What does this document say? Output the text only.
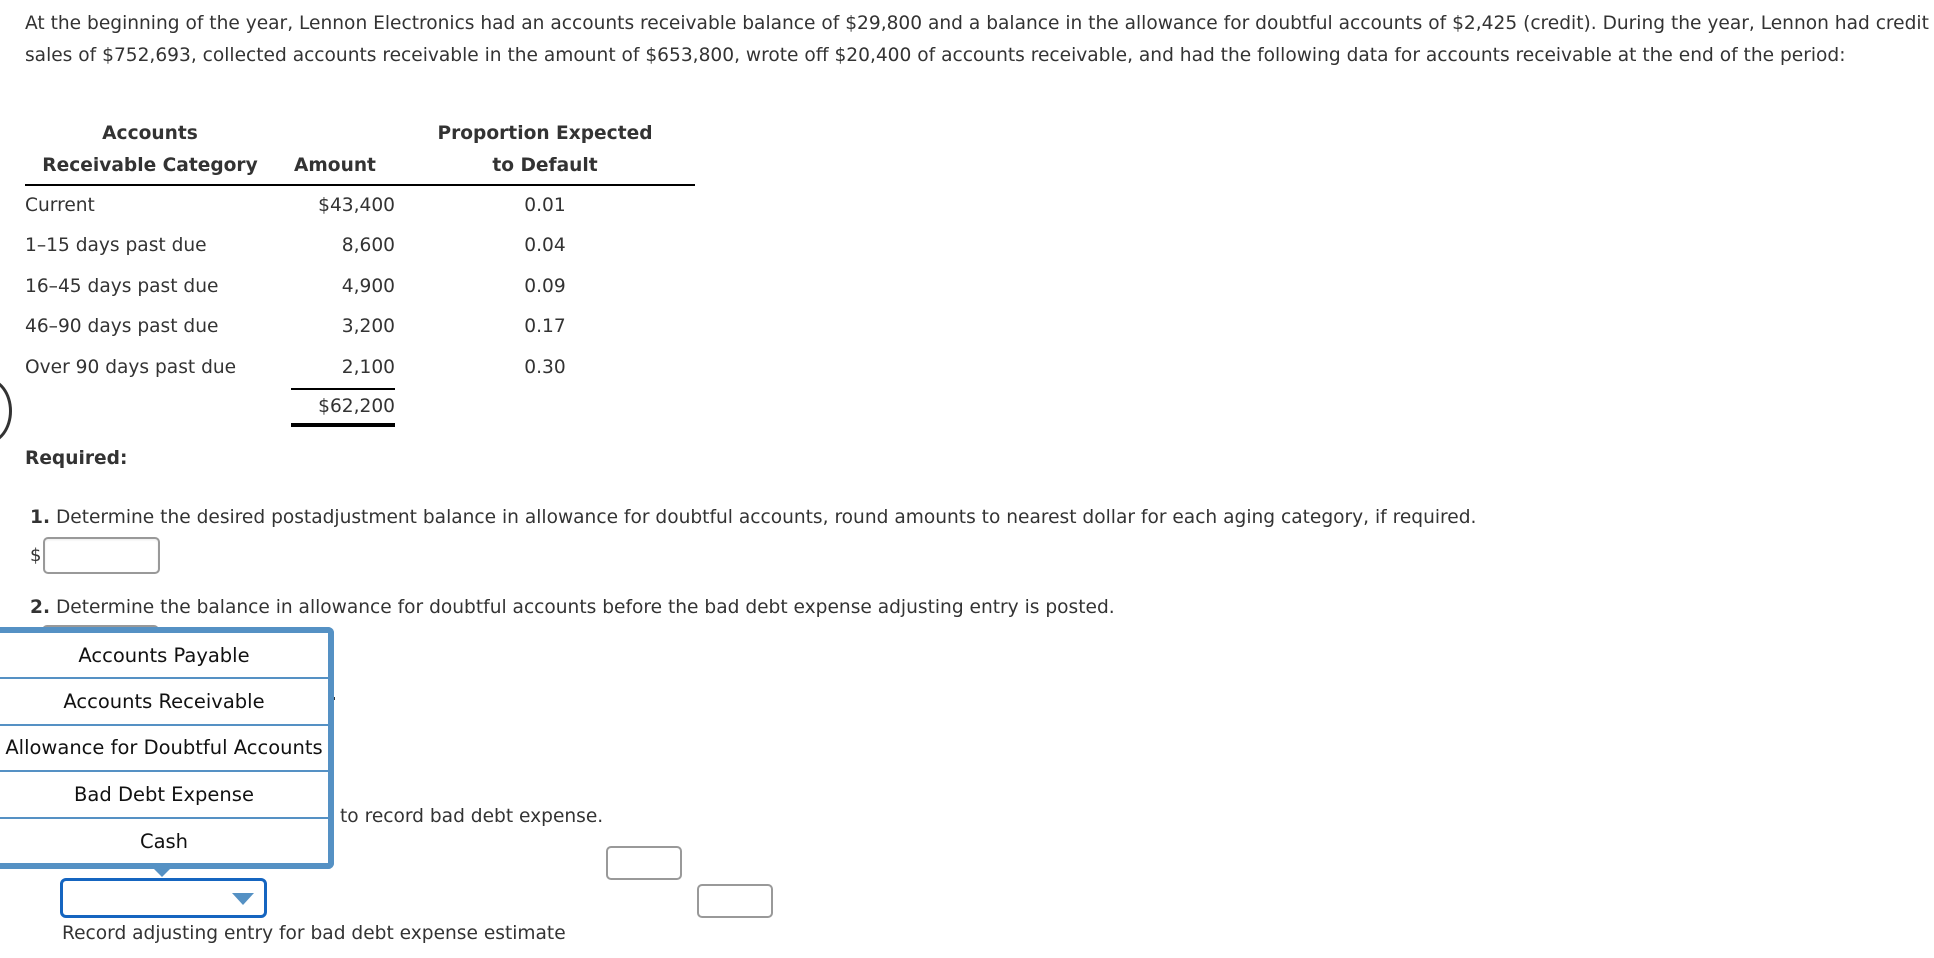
At the beginning of the year, Lennon Electronics had an accounts receivable balance of $29,800 and a balance in the allowance for doubtful accounts of $2,425 (credit). During the year, Lennon had credit sales of $752,693, collected accounts receivable in the amount of $653,800, wrote off $20,400 of accounts receivable, and had the following data for accounts receivable at the end of the period:

Accounts		Proportion Expected
Receivable Category	Amount	to Default
Current	$43,400	0.01
1–15 days past due	8,600	0.04
16–45 days past due	4,900	0.09
46–90 days past due	3,200	0.17
Over 90 days past due	2,100	0.30
	$62,200	

Required:

1. Determine the desired postadjustment balance in allowance for doubtful accounts, round amounts to nearest dollar for each aging category, if required.

$

2. Determine the balance in allowance for doubtful accounts before the bad debt expense adjusting entry is posted.

Accounts Payable
Accounts Receivable
Allowance for Doubtful Accounts
Bad Debt Expense
Cash

to record bad debt expense.

Record adjusting entry for bad debt expense estimate
